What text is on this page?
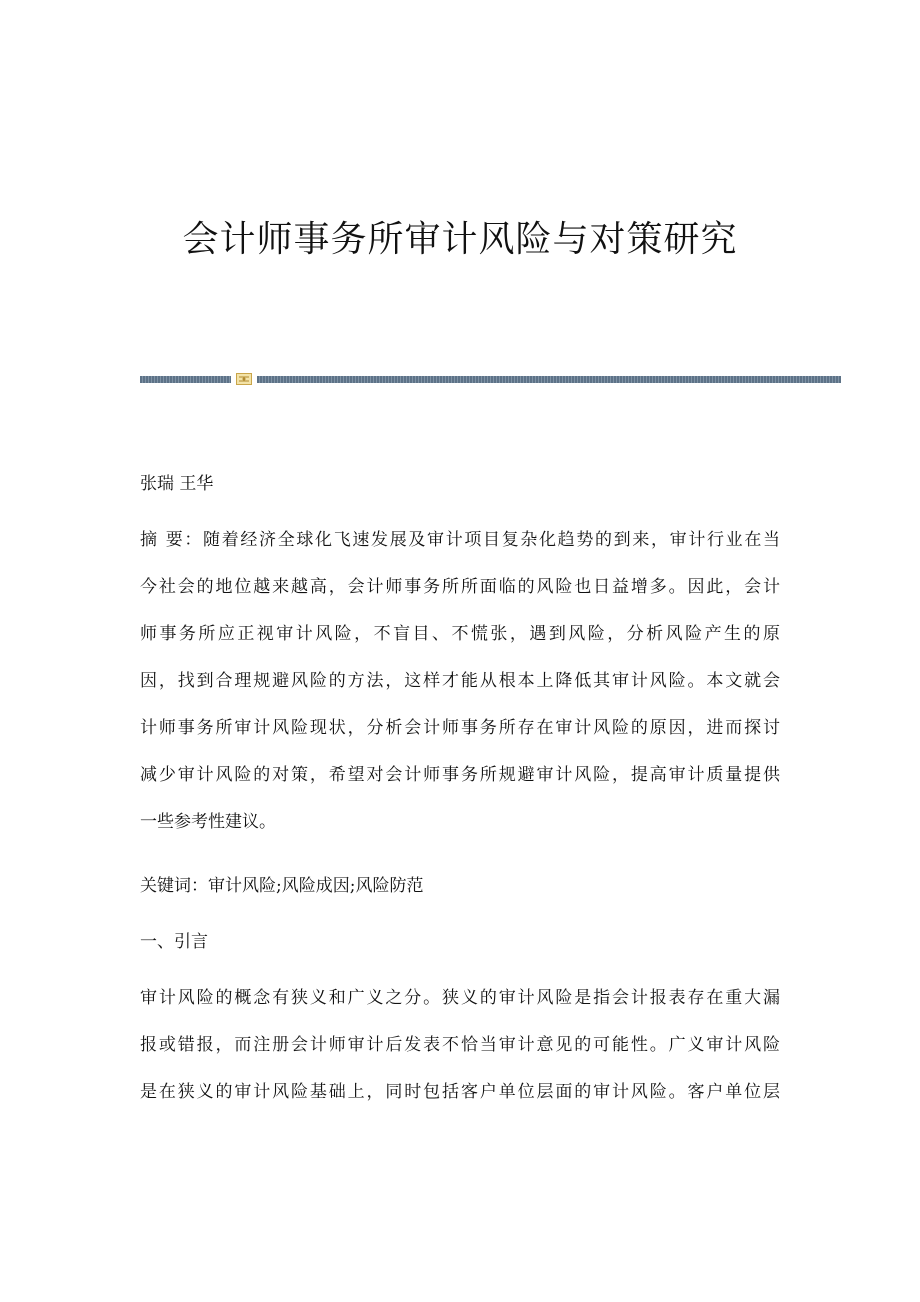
会计师事务所审计风险与对策研究
张瑞 王华
摘 要：随着经济全球化飞速发展及审计项目复杂化趋势的到来，审计行业在当
今社会的地位越来越高，会计师事务所所面临的风险也日益增多。因此，会计
师事务所应正视审计风险，不盲目、不慌张，遇到风险，分析风险产生的原
因，找到合理规避风险的方法，这样才能从根本上降低其审计风险。本文就会
计师事务所审计风险现状，分析会计师事务所存在审计风险的原因，进而探讨
减少审计风险的对策，希望对会计师事务所规避审计风险，提高审计质量提供
一些参考性建议。
关键词：审计风险;风险成因;风险防范
一、引言
审计风险的概念有狭义和广义之分。狭义的审计风险是指会计报表存在重大漏
报或错报，而注册会计师审计后发表不恰当审计意见的可能性。广义审计风险
是在狭义的审计风险基础上，同时包括客户单位层面的审计风险。客户单位层
